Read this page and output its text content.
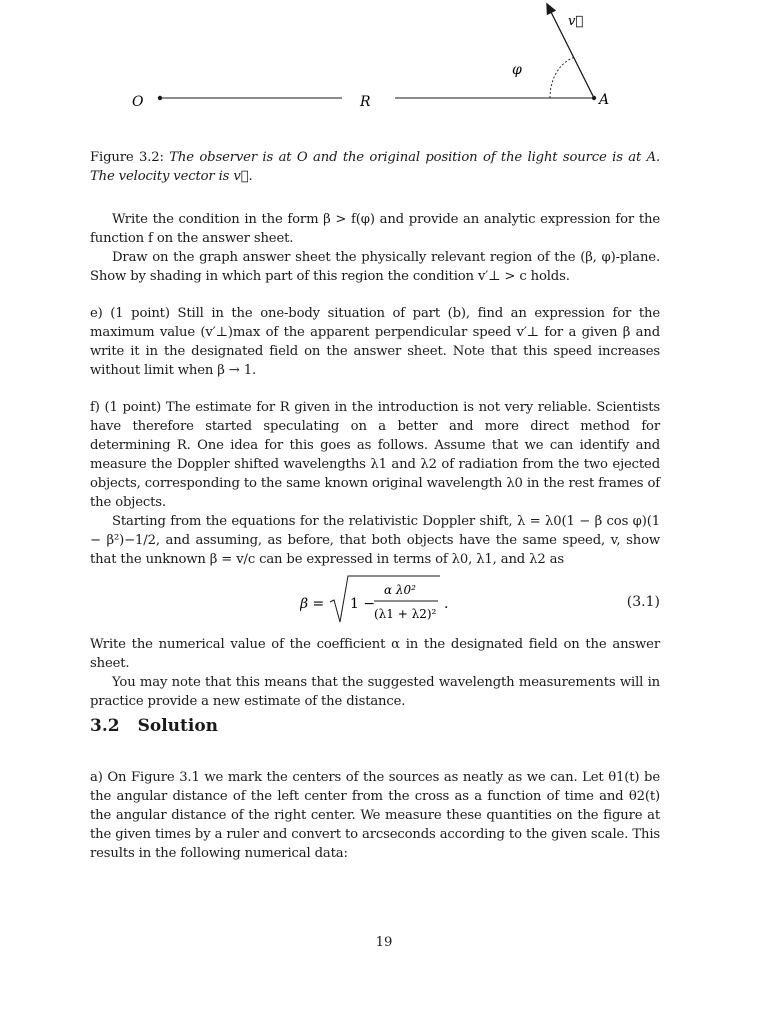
O	R	A
φ
v⃗

Figure 3.2: The observer is at O and the original position of the light source is at A. The velocity vector is v⃗.

Write the condition in the form β > f(φ) and provide an analytic expression for the function f on the answer sheet.

Draw on the graph answer sheet the physically relevant region of the (β, φ)-plane. Show by shading in which part of this region the condition v′⊥ > c holds.

e) (1 point) Still in the one-body situation of part (b), find an expression for the maximum value (v′⊥)max of the apparent perpendicular speed v′⊥ for a given β and write it in the designated field on the answer sheet. Note that this speed increases without limit when β → 1.

f) (1 point) The estimate for R given in the introduction is not very reliable. Scientists have therefore started speculating on a better and more direct method for determining R. One idea for this goes as follows. Assume that we can identify and measure the Doppler shifted wavelengths λ1 and λ2 of radiation from the two ejected objects, corresponding to the same known original wavelength λ0 in the rest frames of the objects.

Starting from the equations for the relativistic Doppler shift, λ = λ0(1 − β cos φ)(1 − β²)−1/2, and assuming, as before, that both objects have the same speed, v, show that the unknown β = v/c can be expressed in terms of λ0, λ1, and λ2 as

β = 1 −
α λ0²
(λ1 + λ2)²
.	(3.1)

Write the numerical value of the coefficient α in the designated field on the answer sheet.

You may note that this means that the suggested wavelength measurements will in practice provide a new estimate of the distance.

3.2 Solution

a) On Figure 3.1 we mark the centers of the sources as neatly as we can. Let θ1(t) be the angular distance of the left center from the cross as a function of time and θ2(t) the angular distance of the right center. We measure these quantities on the figure at the given times by a ruler and convert to arcseconds according to the given scale. This results in the following numerical data:

19
